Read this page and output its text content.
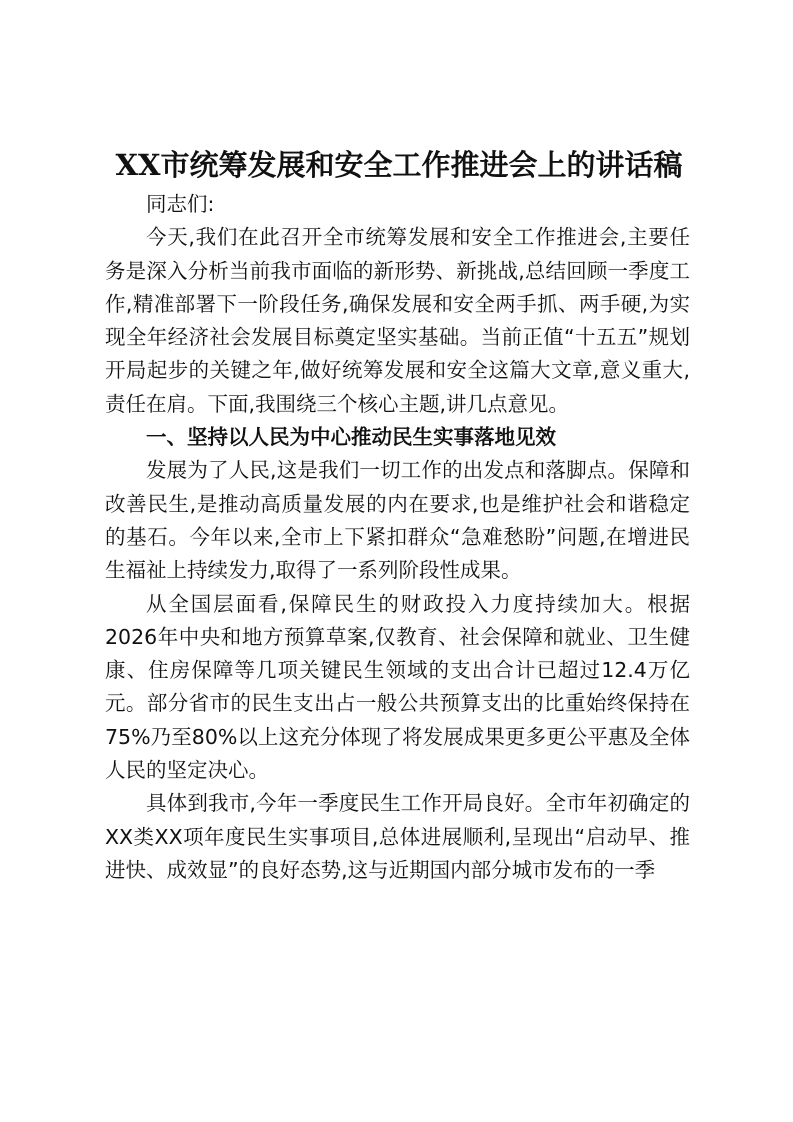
XX市统筹发展和安全工作推进会上的讲话稿

同志们:

今天,我们在此召开全市统筹发展和安全工作推进会,主要任务是深入分析当前我市面临的新形势、新挑战,总结回顾一季度工作,精准部署下一阶段任务,确保发展和安全两手抓、两手硬,为实现全年经济社会发展目标奠定坚实基础。当前正值“十五五”规划开局起步的关键之年,做好统筹发展和安全这篇大文章,意义重大,责任在肩。下面,我围绕三个核心主题,讲几点意见。

一、坚持以人民为中心推动民生实事落地见效

发展为了人民,这是我们一切工作的出发点和落脚点。保障和改善民生,是推动高质量发展的内在要求,也是维护社会和谐稳定的基石。今年以来,全市上下紧扣群众“急难愁盼”问题,在增进民生福祉上持续发力,取得了一系列阶段性成果。

从全国层面看,保障民生的财政投入力度持续加大。根据2026年中央和地方预算草案,仅教育、社会保障和就业、卫生健康、住房保障等几项关键民生领域的支出合计已超过12.4万亿元。部分省市的民生支出占一般公共预算支出的比重始终保持在75%乃至80%以上这充分体现了将发展成果更多更公平惠及全体人民的坚定决心。

具体到我市,今年一季度民生工作开局良好。全市年初确定的XX类XX项年度民生实事项目,总体进展顺利,呈现出“启动早、推进快、成效显”的良好态势,这与近期国内部分城市发布的一季
